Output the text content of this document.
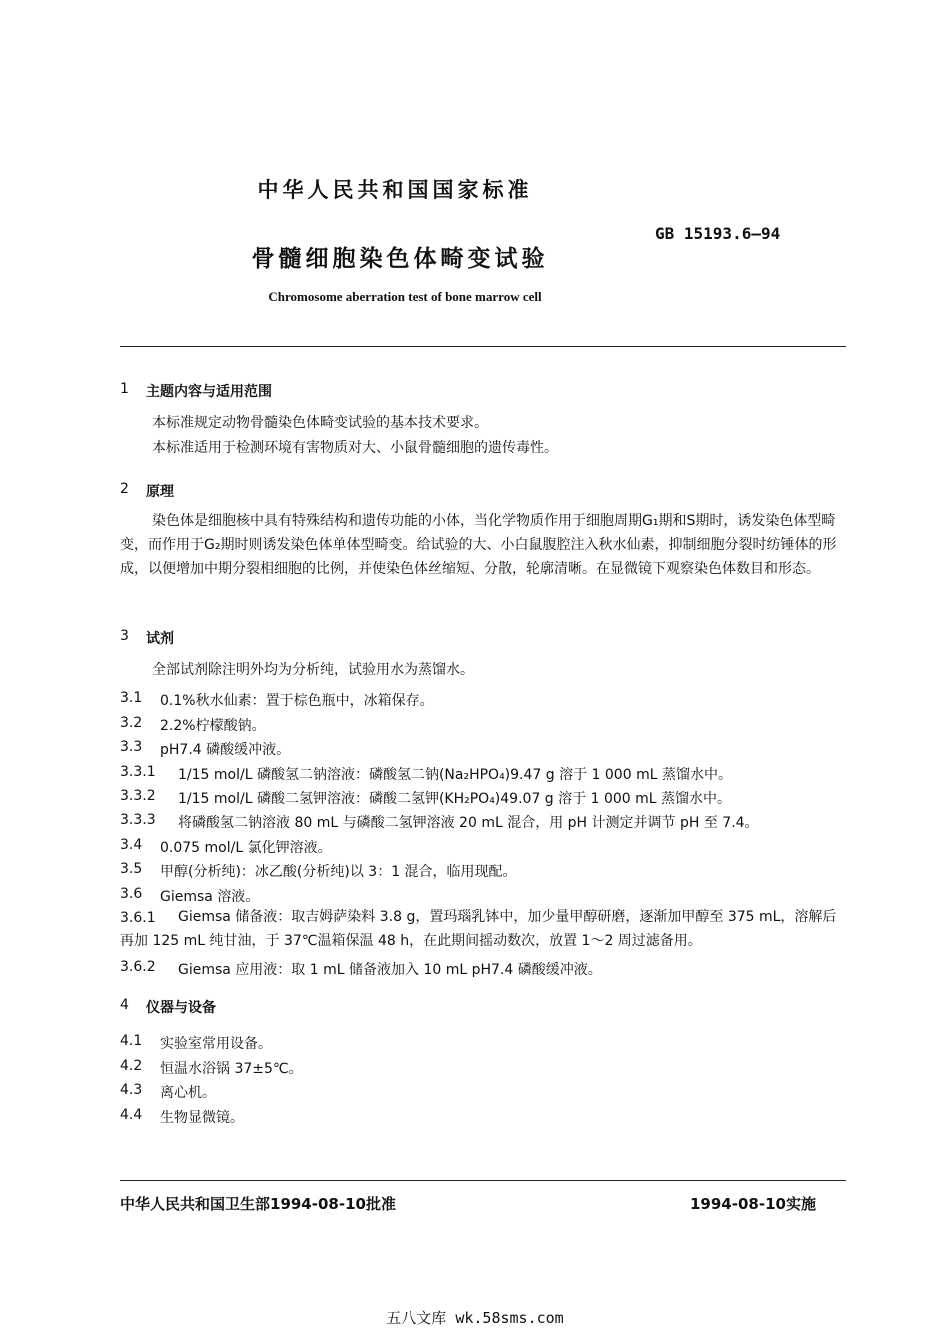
中华人民共和国国家标准
GB 15193.6—94
骨髓细胞染色体畸变试验
Chromosome aberration test of bone marrow cell
1 主题内容与适用范围
本标准规定动物骨髓染色体畸变试验的基本技术要求。
本标准适用于检测环境有害物质对大、小鼠骨髓细胞的遗传毒性。
2 原理
染色体是细胞核中具有特殊结构和遗传功能的小体，当化学物质作用于细胞周期G₁期和S期时，诱发染色体型畸变，而作用于G₂期时则诱发染色体单体型畸变。给试验的大、小白鼠腹腔注入秋水仙素，抑制细胞分裂时纺锤体的形成，以便增加中期分裂相细胞的比例，并使染色体丝缩短、分散，轮廓清晰。在显微镜下观察染色体数目和形态。
3 试剂
全部试剂除注明外均为分析纯，试验用水为蒸馏水。
3.1 0.1%秋水仙素：置于棕色瓶中，冰箱保存。
3.2 2.2%柠檬酸钠。
3.3 pH7.4 磷酸缓冲液。
3.3.1 1/15 mol/L 磷酸氢二钠溶液：磷酸氢二钠(Na₂HPO₄)9.47 g 溶于 1 000 mL 蒸馏水中。
3.3.2 1/15 mol/L 磷酸二氢钾溶液：磷酸二氢钾(KH₂PO₄)49.07 g 溶于 1 000 mL 蒸馏水中。
3.3.3 将磷酸氢二钠溶液 80 mL 与磷酸二氢钾溶液 20 mL 混合，用 pH 计测定并调节 pH 至 7.4。
3.4 0.075 mol/L 氯化钾溶液。
3.5 甲醇(分析纯)：冰乙酸(分析纯)以 3：1 混合，临用现配。
3.6 Giemsa 溶液。
3.6.1	Giemsa 储备液：取吉姆萨染料 3.8 g，置玛瑙乳钵中，加少量甲醇研磨，逐渐加甲醇至 375 mL，溶解后再加 125 mL 纯甘油，于 37℃温箱保温 48 h，在此期间摇动数次，放置 1～2 周过滤备用。
3.6.2 Giemsa 应用液：取 1 mL 储备液加入 10 mL pH7.4 磷酸缓冲液。
4 仪器与设备
4.1 实验室常用设备。
4.2 恒温水浴锅 37±5℃。
4.3 离心机。
4.4 生物显微镜。
中华人民共和国卫生部1994-08-10批准	1994-08-10实施
五八文库 wk.58sms.com
